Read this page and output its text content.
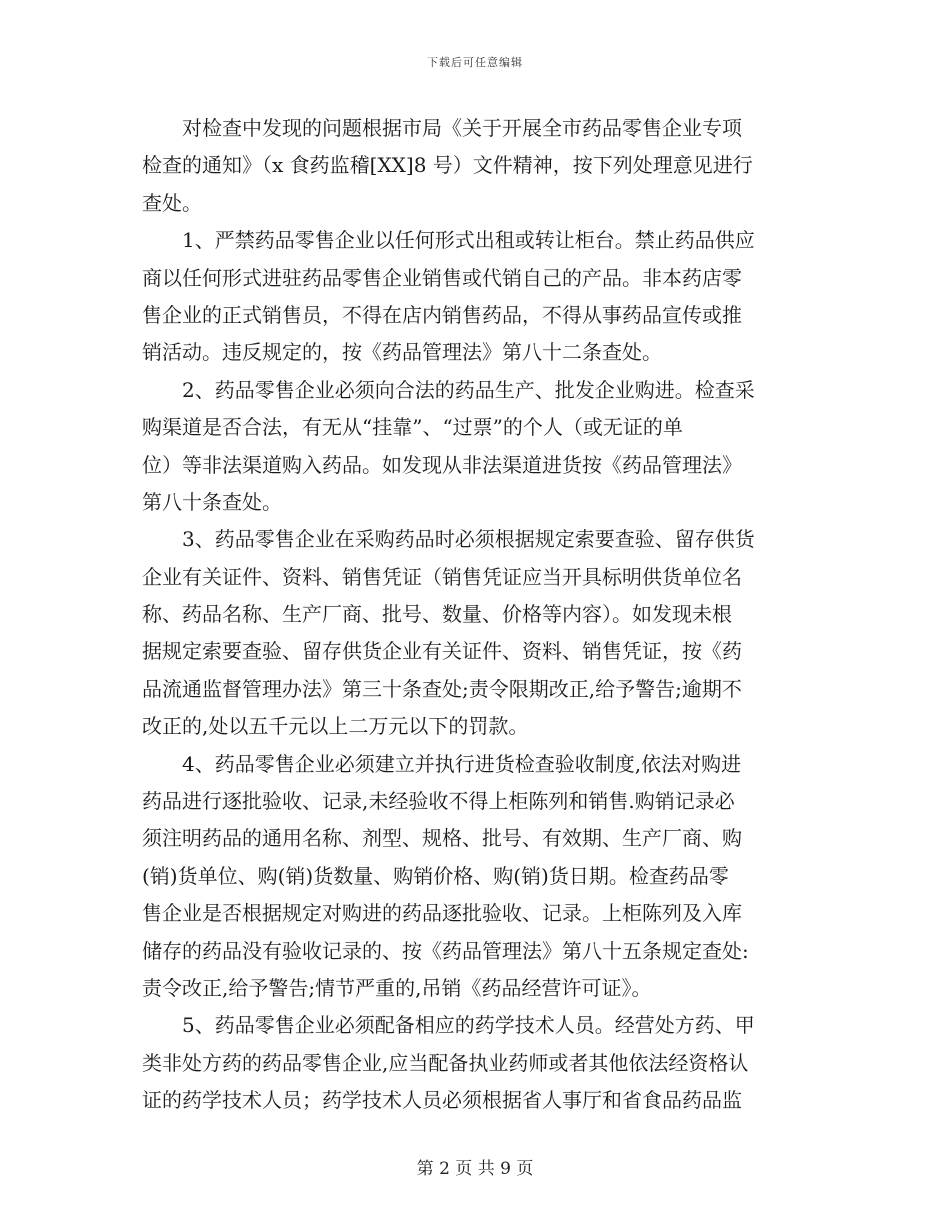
下载后可任意编辑
　　对检查中发现的问题根据市局《关于开展全市药品零售企业专项
检查的通知》（x 食药监稽[XX]8 号）文件精神，按下列处理意见进行
查处。
　　1、严禁药品零售企业以任何形式出租或转让柜台。禁止药品供应
商以任何形式进驻药品零售企业销售或代销自己的产品。非本药店零
售企业的正式销售员，不得在店内销售药品，不得从事药品宣传或推
销活动。违反规定的，按《药品管理法》第八十二条查处。
　　2、药品零售企业必须向合法的药品生产、批发企业购进。检查采
购渠道是否合法，有无从“挂靠”、“过票”的个人（或无证的单
位）等非法渠道购入药品。如发现从非法渠道进货按《药品管理法》
第八十条查处。
　　3、药品零售企业在采购药品时必须根据规定索要查验、留存供货
企业有关证件、资料、销售凭证（销售凭证应当开具标明供货单位名
称、药品名称、生产厂商、批号、数量、价格等内容）。如发现未根
据规定索要查验、留存供货企业有关证件、资料、销售凭证，按《药
品流通监督管理办法》第三十条查处;责令限期改正,给予警告;逾期不
改正的,处以五千元以上二万元以下的罚款。
　　4、药品零售企业必须建立并执行进货检查验收制度,依法对购进
药品进行逐批验收、记录,未经验收不得上柜陈列和销售.购销记录必
须注明药品的通用名称、剂型、规格、批号、有效期、生产厂商、购
(销)货单位、购(销)货数量、购销价格、购(销)货日期。检查药品零
售企业是否根据规定对购进的药品逐批验收、记录。上柜陈列及入库
储存的药品没有验收记录的、按《药品管理法》第八十五条规定查处:
责令改正,给予警告;情节严重的,吊销《药品经营许可证》。
　　5、药品零售企业必须配备相应的药学技术人员。经营处方药、甲
类非处方药的药品零售企业,应当配备执业药师或者其他依法经资格认
证的药学技术人员；药学技术人员必须根据省人事厅和省食品药品监
第 2 页 共 9 页
